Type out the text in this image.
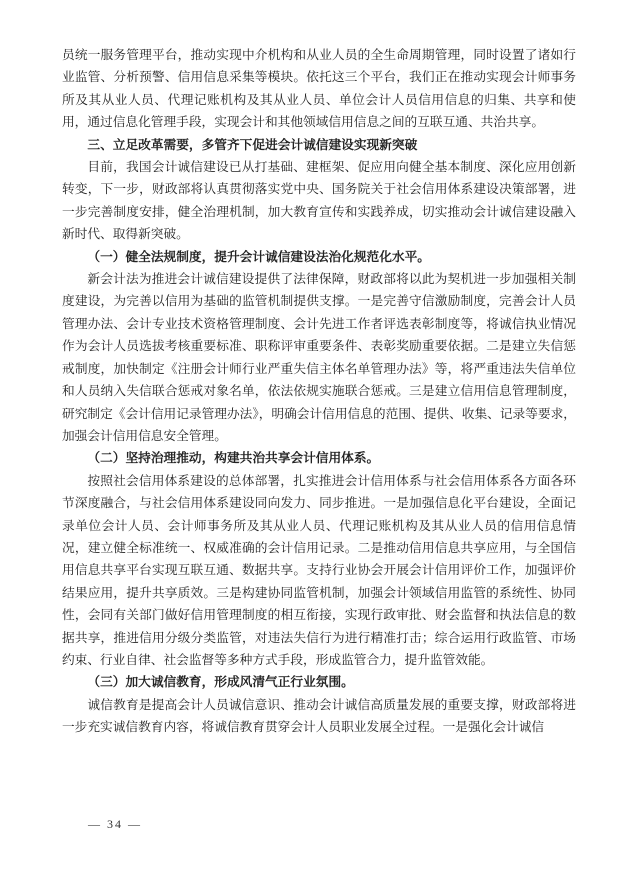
员统一服务管理平台，推动实现中介机构和从业人员的全生命周期管理，同时设置了诸如行业监管、分析预警、信用信息采集等模块。依托这三个平台，我们正在推动实现会计师事务所及其从业人员、代理记账机构及其从业人员、单位会计人员信用信息的归集、共享和使用，通过信息化管理手段，实现会计和其他领域信用信息之间的互联互通、共治共享。

三、立足改革需要，多管齐下促进会计诚信建设实现新突破

目前，我国会计诚信建设已从打基础、建框架、促应用向健全基本制度、深化应用创新转变，下一步，财政部将认真贯彻落实党中央、国务院关于社会信用体系建设决策部署，进一步完善制度安排，健全治理机制，加大教育宣传和实践养成，切实推动会计诚信建设融入新时代、取得新突破。

（一）健全法规制度，提升会计诚信建设法治化规范化水平。

新会计法为推进会计诚信建设提供了法律保障，财政部将以此为契机进一步加强相关制度建设，为完善以信用为基础的监管机制提供支撑。一是完善守信激励制度，完善会计人员管理办法、会计专业技术资格管理制度、会计先进工作者评选表彰制度等，将诚信执业情况作为会计人员选拔考核重要标准、职称评审重要条件、表彰奖励重要依据。二是建立失信惩戒制度，加快制定《注册会计师行业严重失信主体名单管理办法》等，将严重违法失信单位和人员纳入失信联合惩戒对象名单，依法依规实施联合惩戒。三是建立信用信息管理制度，研究制定《会计信用记录管理办法》，明确会计信用信息的范围、提供、收集、记录等要求，加强会计信用信息安全管理。

（二）坚持治理推动，构建共治共享会计信用体系。

按照社会信用体系建设的总体部署，扎实推进会计信用体系与社会信用体系各方面各环节深度融合，与社会信用体系建设同向发力、同步推进。一是加强信息化平台建设，全面记录单位会计人员、会计师事务所及其从业人员、代理记账机构及其从业人员的信用信息情况，建立健全标准统一、权威准确的会计信用记录。二是推动信用信息共享应用，与全国信用信息共享平台实现互联互通、数据共享。支持行业协会开展会计信用评价工作，加强评价结果应用，提升共享质效。三是构建协同监管机制，加强会计领域信用监管的系统性、协同性，会同有关部门做好信用管理制度的相互衔接，实现行政审批、财会监督和执法信息的数据共享，推进信用分级分类监管，对违法失信行为进行精准打击；综合运用行政监管、市场约束、行业自律、社会监督等多种方式手段，形成监管合力，提升监管效能。

（三）加大诚信教育，形成风清气正行业氛围。

诚信教育是提高会计人员诚信意识、推动会计诚信高质量发展的重要支撑，财政部将进一步充实诚信教育内容，将诚信教育贯穿会计人员职业发展全过程。一是强化会计诚信

— 34 —
